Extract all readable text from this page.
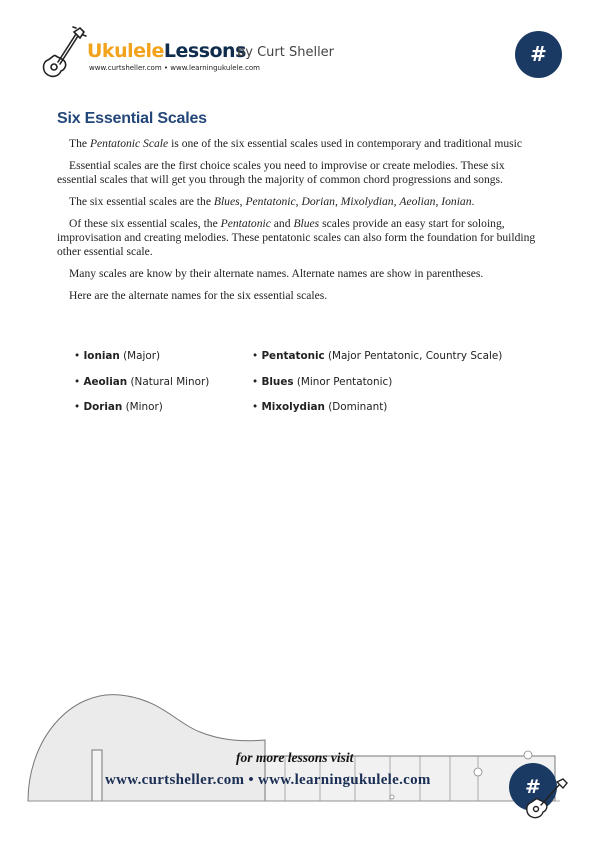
UkuleleLessons
by Curt Sheller
www.curtsheller.com • www.learningukulele.com
#
Six Essential Scales

The Pentatonic Scale is one of the six essential scales used in contemporary and traditional music

Essential scales are the first choice scales you need to improvise or create melodies. These six essential scales that will get you through the majority of common chord progressions and songs.

The six essential scales are the Blues, Pentatonic, Dorian, Mixolydian, Aeolian, Ionian.

Of these six essential scales, the Pentatonic and Blues scales provide an easy start for soloing, improvisation and creating melodies. These pentatonic scales can also form the foundation for building other essential scale.

Many scales are know by their alternate names. Alternate names are show in parentheses.

Here are the alternate names for the six essential scales.

• Ionian (Major)	• Pentatonic (Major Pentatonic, Country Scale)
• Aeolian (Natural Minor)	• Blues (Minor Pentatonic)
• Dorian (Minor)	• Mixolydian (Dominant)
for more lessons visit
www.curtsheller.com • www.learningukulele.com	#
